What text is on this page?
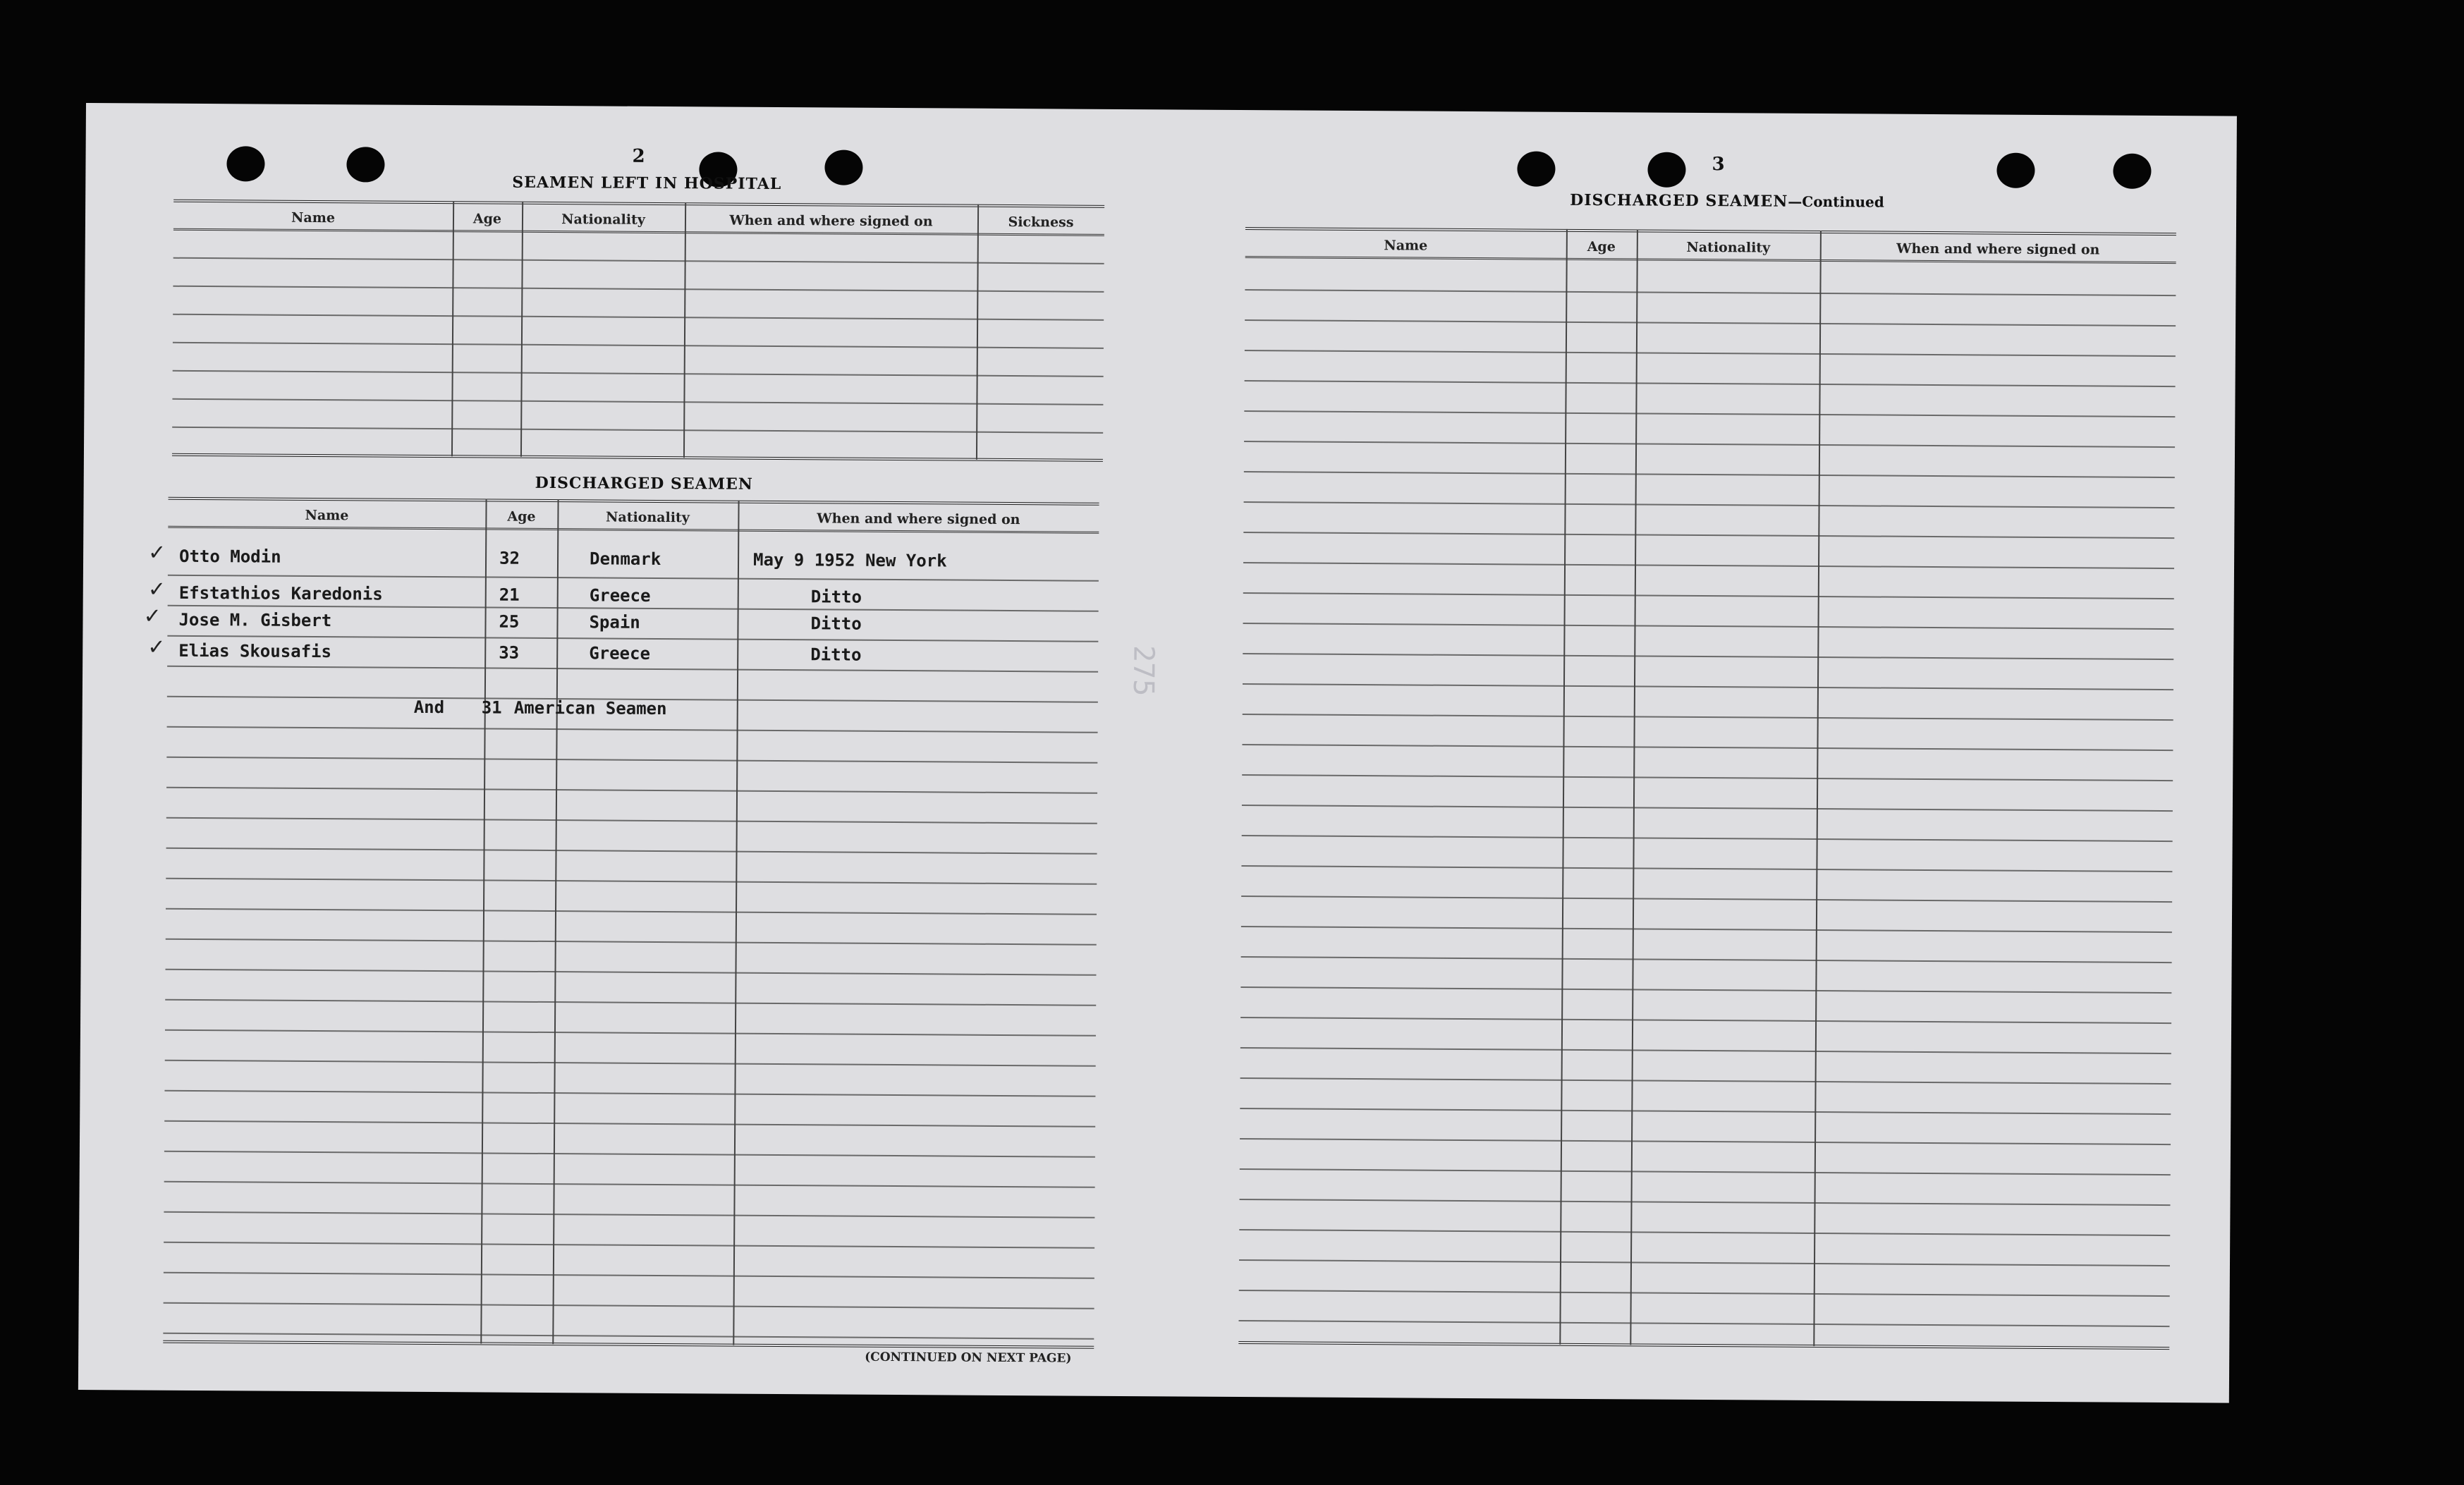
2
SEAMEN LEFT IN HOSPITAL
Name	Age	Nationality	When and where signed on	Sickness
DISCHARGED SEAMEN
Name	Age	Nationality	When and where signed on
✓ Otto Modin	32	Denmark	May 9 1952 New York
✓ Efstathios Karedonis	21	Greece	Ditto
✓ Jose M. Gisbert	25	Spain	Ditto
✓ Elias Skousafis	33	Greece	Ditto
And 31 American Seamen
(CONTINUED ON NEXT PAGE)
275
3
DISCHARGED SEAMEN—Continued
Name	Age	Nationality	When and where signed on
